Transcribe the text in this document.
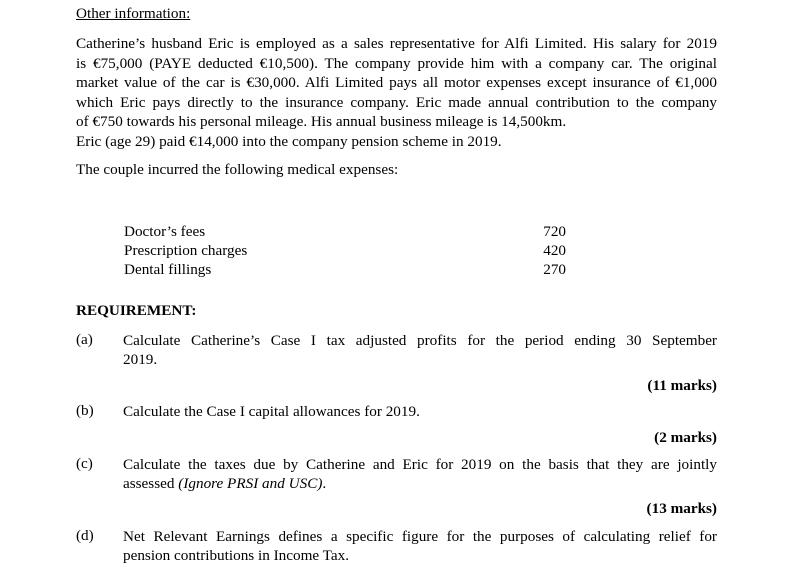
Other information:
Catherine’s husband Eric is employed as a sales representative for Alfi Limited. His salary for 2019
is €75,000 (PAYE deducted €10,500). The company provide him with a company car. The original
market value of the car is €30,000. Alfi Limited pays all motor expenses except insurance of €1,000
which Eric pays directly to the insurance company. Eric made annual contribution to the company
of €750 towards his personal mileage. His annual business mileage is 14,500km.
Eric (age 29) paid €14,000 into the company pension scheme in 2019.
The couple incurred the following medical expenses:
Doctor’s fees	720
Prescription charges	420
Dental fillings	270
REQUIREMENT:
(a) Calculate Catherine’s Case I tax adjusted profits for the period ending 30 September
2019.
(11 marks)
(b) Calculate the Case I capital allowances for 2019.
(2 marks)
(c) Calculate the taxes due by Catherine and Eric for 2019 on the basis that they are jointly
assessed (Ignore PRSI and USC).
(13 marks)
(d) Net Relevant Earnings defines a specific figure for the purposes of calculating relief for
pension contributions in Income Tax.
